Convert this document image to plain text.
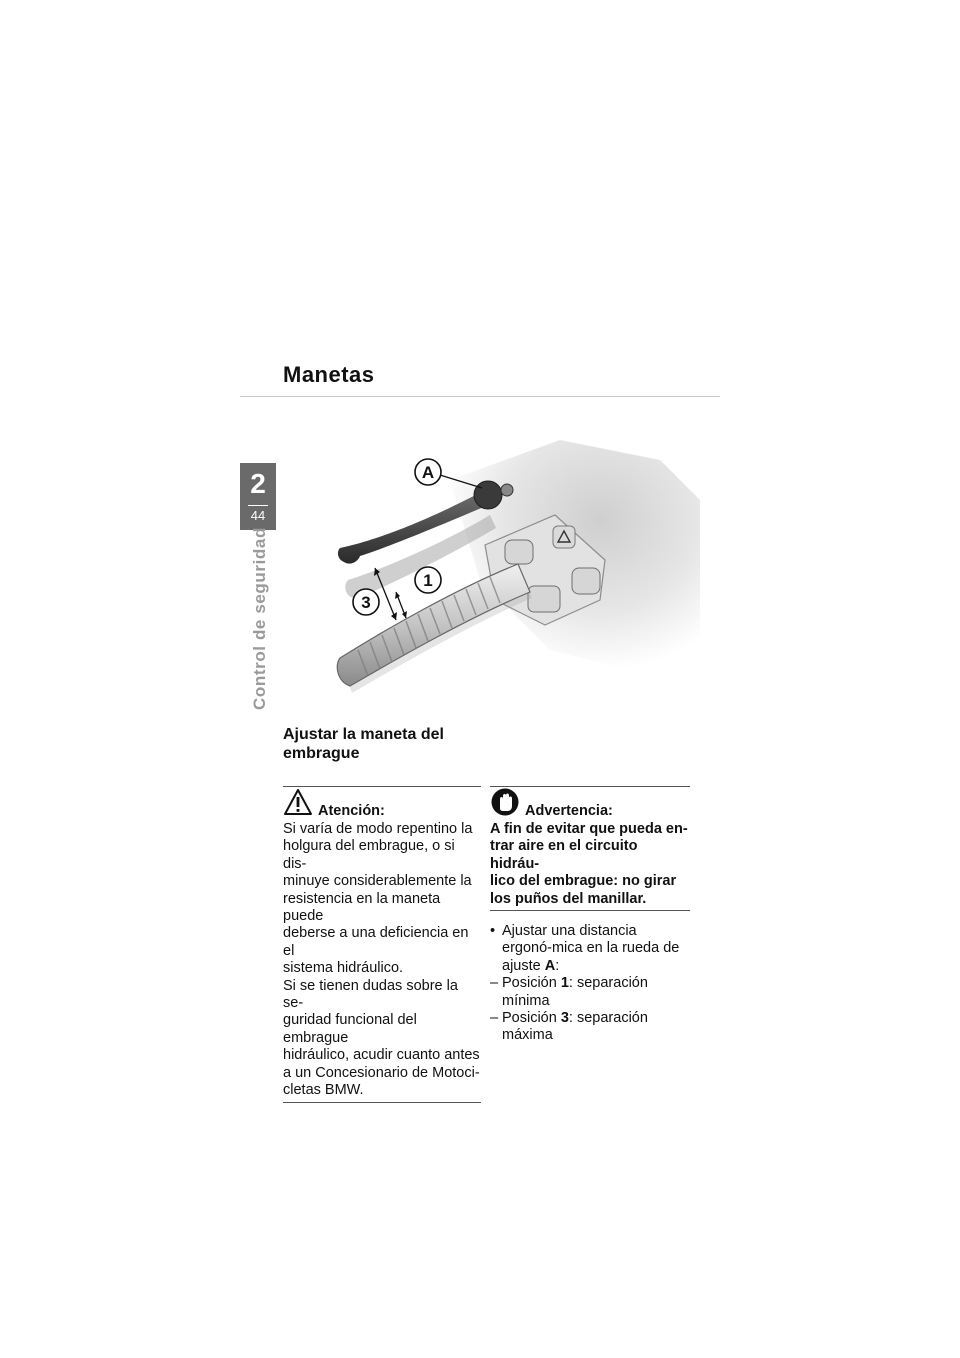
Manetas
2
44
Control de seguridad
A
1
3
Ajustar la maneta del embrague
Atención:

Si varía de modo repentino la
holgura del embrague, o si dis-
minuye considerablemente la
resistencia en la maneta puede
deberse a una deficiencia en el
sistema hidráulico.
Si se tienen dudas sobre la se-
guridad funcional del embrague
hidráulico, acudir cuanto antes
a un Concesionario de Motoci-
cletas BMW.

Advertencia:

A fin de evitar que pueda en-
trar aire en el circuito hidráu-
lico del embrague: no girar
los puños del manillar.

• Ajustar una distancia ergonó-mica en la rueda de ajuste A:
– Posición 1: separación mínima
– Posición 3: separación máxima
